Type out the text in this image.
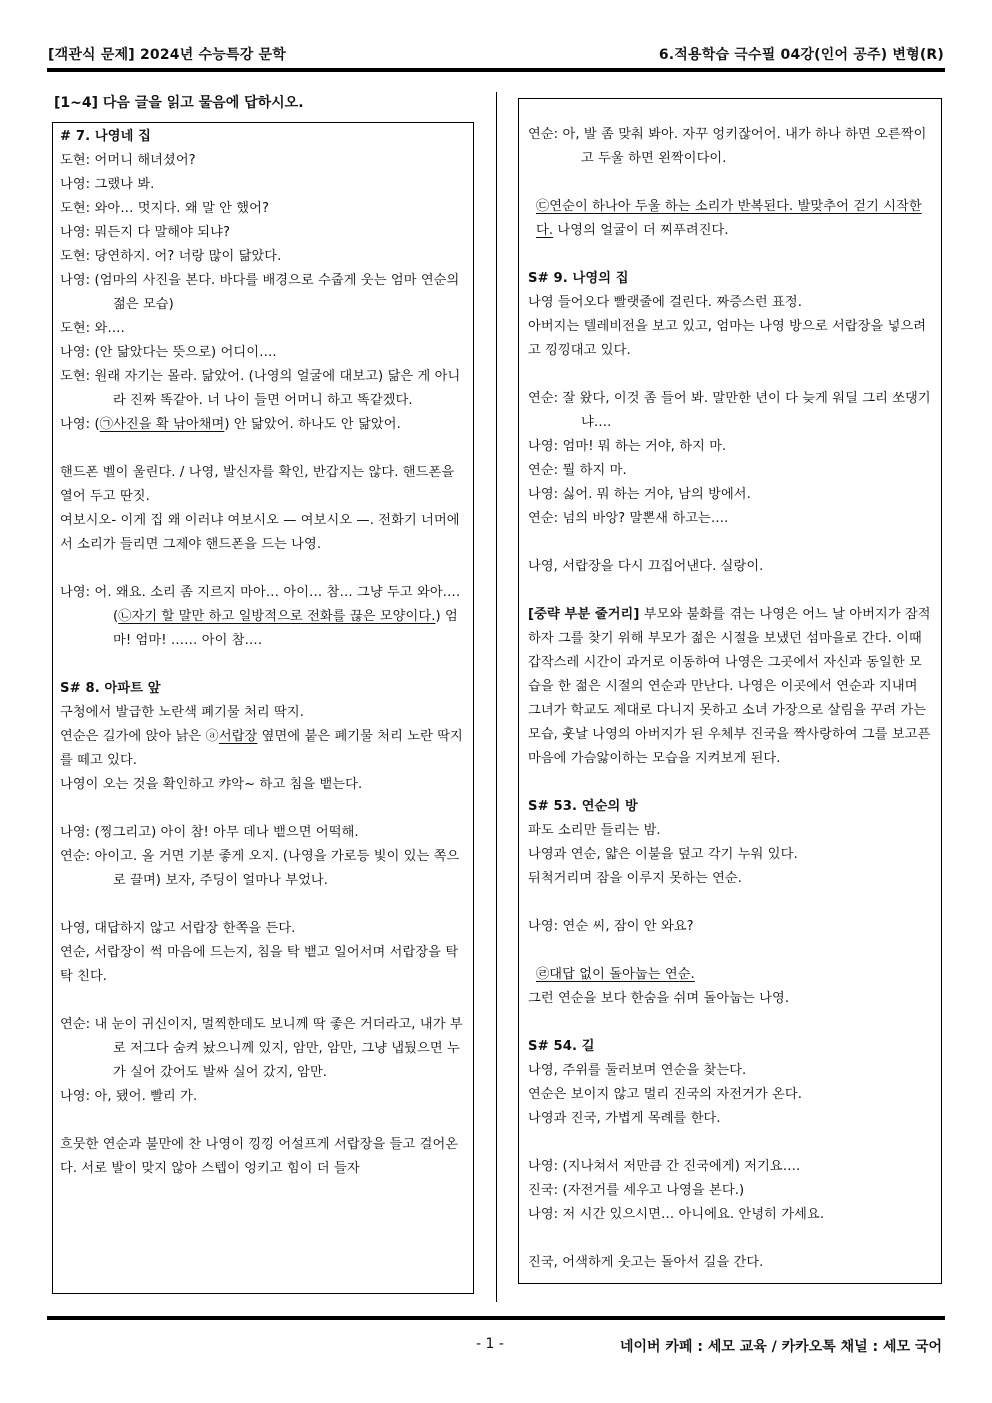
[객관식 문제] 2024년 수능특강 문학	6.적용학습 극수필 04강(인어 공주) 변형(R)
[1~4] 다음 글을 읽고 물음에 답하시오.
# 7. 나영네 집
도현: 어머니 해녀셨어?
나영: 그랬나 봐.
도현: 와아… 멋지다. 왜 말 안 했어?
나영: 뭐든지 다 말해야 되냐?
도현: 당연하지. 어? 너랑 많이 닮았다.
나영: (엄마의 사진을 본다. 바다를 배경으로 수줍게 웃는 엄마 연순의 젊은 모습)
도현: 와….
나영: (안 닮았다는 뜻으로) 어디이….
도현: 원래 자기는 몰라. 닮았어. (나영의 얼굴에 대보고) 닮은 게 아니라 진짜 똑같아. 너 나이 들면 어머니 하고 똑같겠다.
나영: (㉠사진을 확 낚아채며) 안 닮았어. 하나도 안 닮았어.
핸드폰 벨이 울린다. / 나영, 발신자를 확인, 반갑지는 않다. 핸드폰을 열어 두고 딴짓.
여보시오- 이게 집 왜 이러냐 여보시오 — 여보시오 —. 전화기 너머에서 소리가 들리면 그제야 핸드폰을 드는 나영.
나영: 어. 왜요. 소리 좀 지르지 마아… 아이… 참… 그냥 두고 와아…. (㉡자기 할 말만 하고 일방적으로 전화를 끊은 모양이다.) 엄마! 엄마! …… 아이 참….
S# 8. 아파트 앞
구청에서 발급한 노란색 폐기물 처리 딱지.
연순은 길가에 앉아 낡은 ⓐ서랍장 옆면에 붙은 폐기물 처리 노란 딱지를 떼고 있다.
나영이 오는 것을 확인하고 캬악~ 하고 침을 뱉는다.
나영: (찡그리고) 아이 참! 아무 데나 뱉으면 어떡해.
연순: 아이고. 올 거면 기분 좋게 오지. (나영을 가로등 빛이 있는 쪽으로 끌며) 보자, 주딩이 얼마나 부었나.
나영, 대답하지 않고 서랍장 한쪽을 든다.
연순, 서랍장이 썩 마음에 드는지, 침을 탁 뱉고 일어서며 서랍장을 탁탁 친다.
연순: 내 눈이 귀신이지, 멀찍한데도 보니께 딱 좋은 거더라고, 내가 부로 저그다 숨켜 놨으니께 있지, 암만, 암만, 그냥 냅뒀으면 누가 실어 갔어도 발싸 실어 갔지, 암만.
나영: 아, 됐어. 빨리 가.
흐뭇한 연순과 불만에 찬 나영이 낑낑 어설프게 서랍장을 들고 걸어온다. 서로 발이 맞지 않아 스텝이 엉키고 힘이 더 들자
연순: 아, 발 좀 맞춰 봐아. 자꾸 엉키잖어어. 내가 하나 하면 오른짝이고 두울 하면 왼짝이다이.
㉢연순이 하나아 두울 하는 소리가 반복된다. 발맞추어 걷기 시작한다. 나영의 얼굴이 더 찌푸려진다.
S# 9. 나영의 집
나영 들어오다 빨랫줄에 걸린다. 짜증스런 표정.
아버지는 텔레비전을 보고 있고, 엄마는 나영 방으로 서랍장을 넣으려고 낑낑대고 있다.
연순: 잘 왔다, 이것 좀 들어 봐. 말만한 년이 다 늦게 워딜 그리 쏘댕기냐….
나영: 엄마! 뭐 하는 거야, 하지 마.
연순: 뭘 하지 마.
나영: 싫어. 뭐 하는 거야, 남의 방에서.
연순: 넘의 바앙? 말뽄새 하고는….
나영, 서랍장을 다시 끄집어낸다. 실랑이.
[중략 부분 줄거리] 부모와 불화를 겪는 나영은 어느 날 아버지가 잠적하자 그를 찾기 위해 부모가 젊은 시절을 보냈던 섬마을로 간다. 이때 갑작스레 시간이 과거로 이동하여 나영은 그곳에서 자신과 동일한 모습을 한 젊은 시절의 연순과 만난다. 나영은 이곳에서 연순과 지내며 그녀가 학교도 제대로 다니지 못하고 소녀 가장으로 살림을 꾸려 가는 모습, 훗날 나영의 아버지가 된 우체부 진국을 짝사랑하여 그를 보고픈 마음에 가슴앓이하는 모습을 지켜보게 된다.
S# 53. 연순의 방
파도 소리만 들리는 밤.
나영과 연순, 얇은 이불을 덮고 각기 누워 있다.
뒤척거리며 잠을 이루지 못하는 연순.
나영: 연순 씨, 잠이 안 와요?
㉣대답 없이 돌아눕는 연순.
그런 연순을 보다 한숨을 쉬며 돌아눕는 나영.
S# 54. 길
나영, 주위를 둘러보며 연순을 찾는다.
연순은 보이지 않고 멀리 진국의 자전거가 온다.
나영과 진국, 가볍게 목례를 한다.
나영: (지나쳐서 저만큼 간 진국에게) 저기요….
진국: (자전거를 세우고 나영을 본다.)
나영: 저 시간 있으시면… 아니에요. 안녕히 가세요.
진국, 어색하게 웃고는 돌아서 길을 간다.
- 1 -	네이버 카페 : 세모 교육 / 카카오톡 채널 : 세모 국어
